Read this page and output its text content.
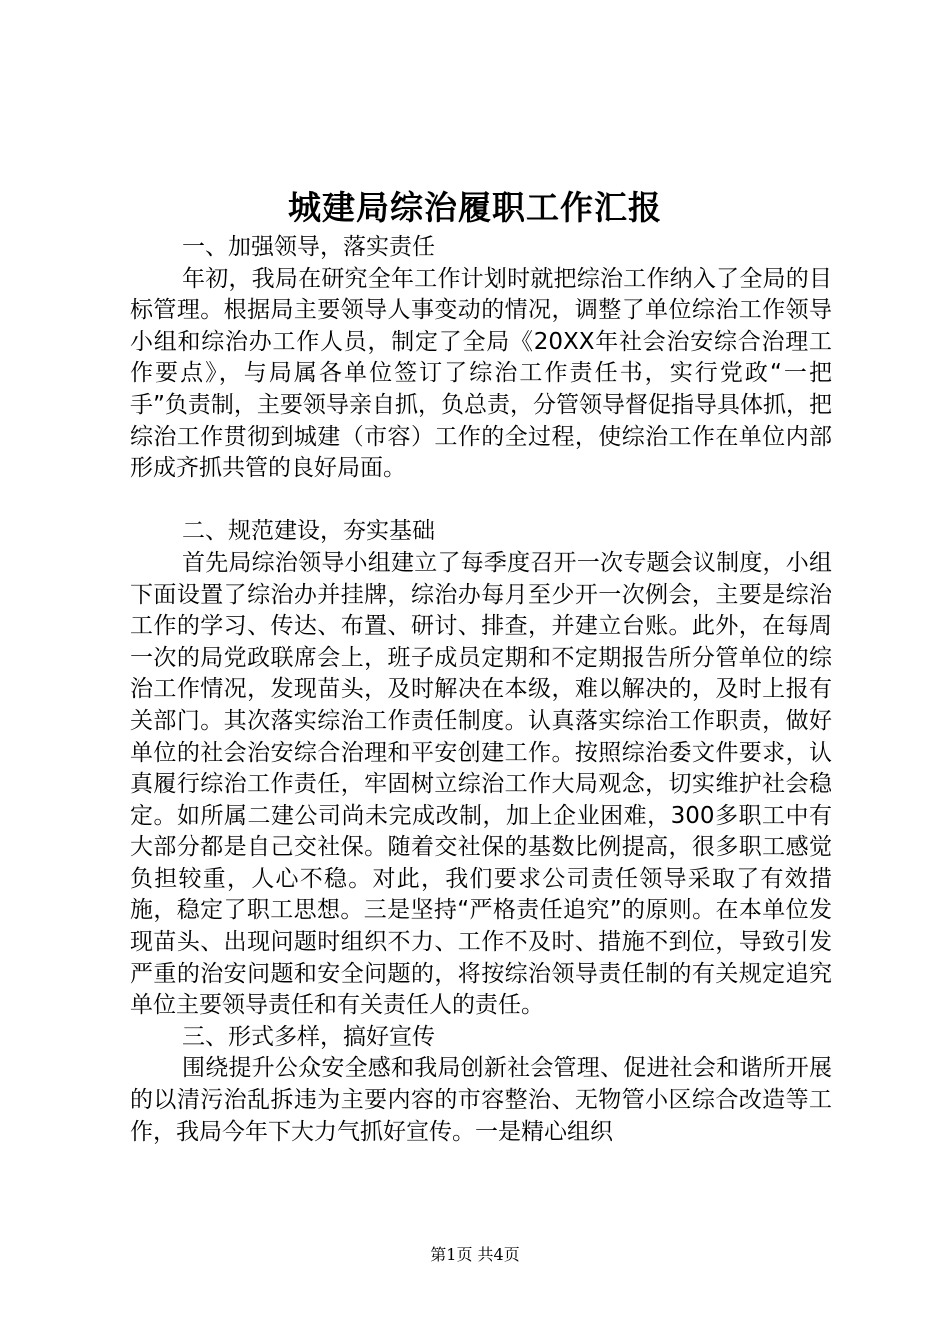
城建局综治履职工作汇报

一、加强领导，落实责任

年初，我局在研究全年工作计划时就把综治工作纳入了全局的目标管理。根据局主要领导人事变动的情况，调整了单位综治工作领导小组和综治办工作人员，制定了全局《20XX年社会治安综合治理工作要点》，与局属各单位签订了综治工作责任书，实行党政“一把手”负责制，主要领导亲自抓，负总责，分管领导督促指导具体抓，把综治工作贯彻到城建（市容）工作的全过程，使综治工作在单位内部形成齐抓共管的良好局面。

二、规范建设，夯实基础

首先局综治领导小组建立了每季度召开一次专题会议制度，小组下面设置了综治办并挂牌，综治办每月至少开一次例会，主要是综治工作的学习、传达、布置、研讨、排查，并建立台账。此外，在每周一次的局党政联席会上，班子成员定期和不定期报告所分管单位的综治工作情况，发现苗头，及时解决在本级，难以解决的，及时上报有关部门。其次落实综治工作责任制度。认真落实综治工作职责，做好单位的社会治安综合治理和平安创建工作。按照综治委文件要求，认真履行综治工作责任，牢固树立综治工作大局观念，切实维护社会稳定。如所属二建公司尚未完成改制，加上企业困难，300多职工中有大部分都是自己交社保。随着交社保的基数比例提高，很多职工感觉负担较重，人心不稳。对此，我们要求公司责任领导采取了有效措施，稳定了职工思想。三是坚持“严格责任追究”的原则。在本单位发现苗头、出现问题时组织不力、工作不及时、措施不到位，导致引发严重的治安问题和安全问题的，将按综治领导责任制的有关规定追究单位主要领导责任和有关责任人的责任。

三、形式多样，搞好宣传

围绕提升公众安全感和我局创新社会管理、促进社会和谐所开展的以清污治乱拆违为主要内容的市容整治、无物管小区综合改造等工作，我局今年下大力气抓好宣传。一是精心组织

第1页 共4页
